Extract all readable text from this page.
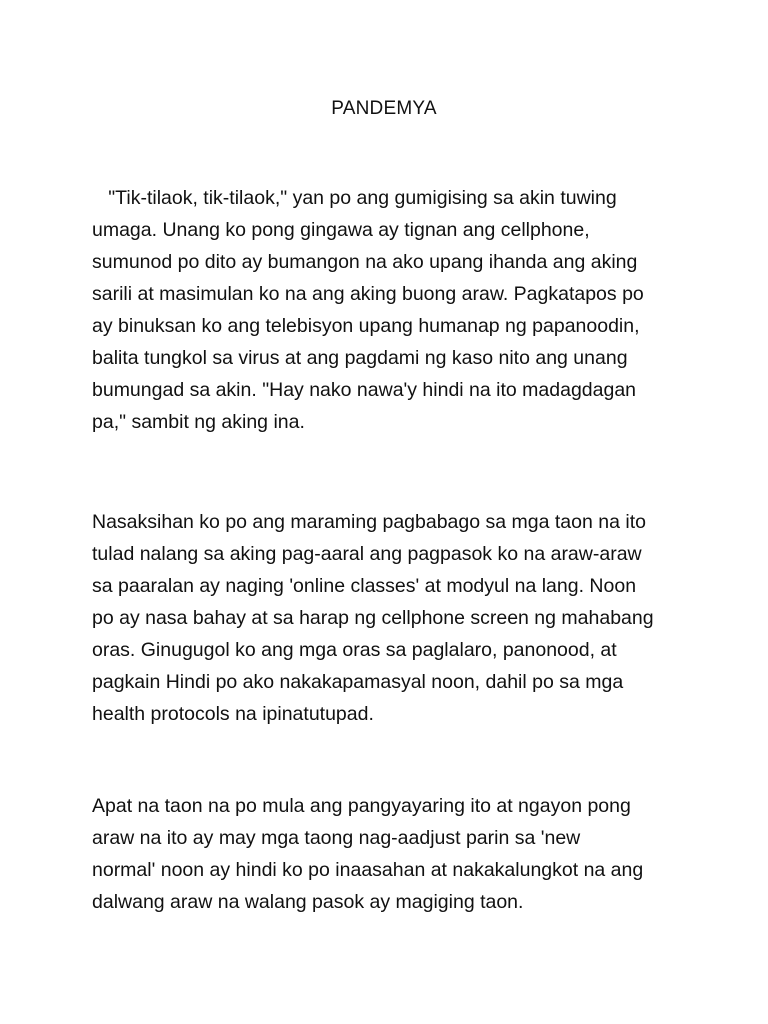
PANDEMYA
"Tik-tilaok, tik-tilaok," yan po ang gumigising sa akin tuwing
umaga. Unang ko pong gingawa ay tignan ang cellphone,
sumunod po dito ay bumangon na ako upang ihanda ang aking
sarili at masimulan ko na ang aking buong araw. Pagkatapos po
ay binuksan ko ang telebisyon upang humanap ng papanoodin,
balita tungkol sa virus at ang pagdami ng kaso nito ang unang
bumungad sa akin. "Hay nako nawa'y hindi na ito madagdagan
pa," sambit ng aking ina.
Nasaksihan ko po ang maraming pagbabago sa mga taon na ito
tulad nalang sa aking pag-aaral ang pagpasok ko na araw-araw
sa paaralan ay naging 'online classes' at modyul na lang. Noon
po ay nasa bahay at sa harap ng cellphone screen ng mahabang
oras. Ginugugol ko ang mga oras sa paglalaro, panonood, at
pagkain Hindi po ako nakakapamasyal noon, dahil po sa mga
health protocols na ipinatutupad.
Apat na taon na po mula ang pangyayaring ito at ngayon pong
araw na ito ay may mga taong nag-aadjust parin sa 'new
normal' noon ay hindi ko po inaasahan at nakakalungkot na ang
dalwang araw na walang pasok ay magiging taon.
